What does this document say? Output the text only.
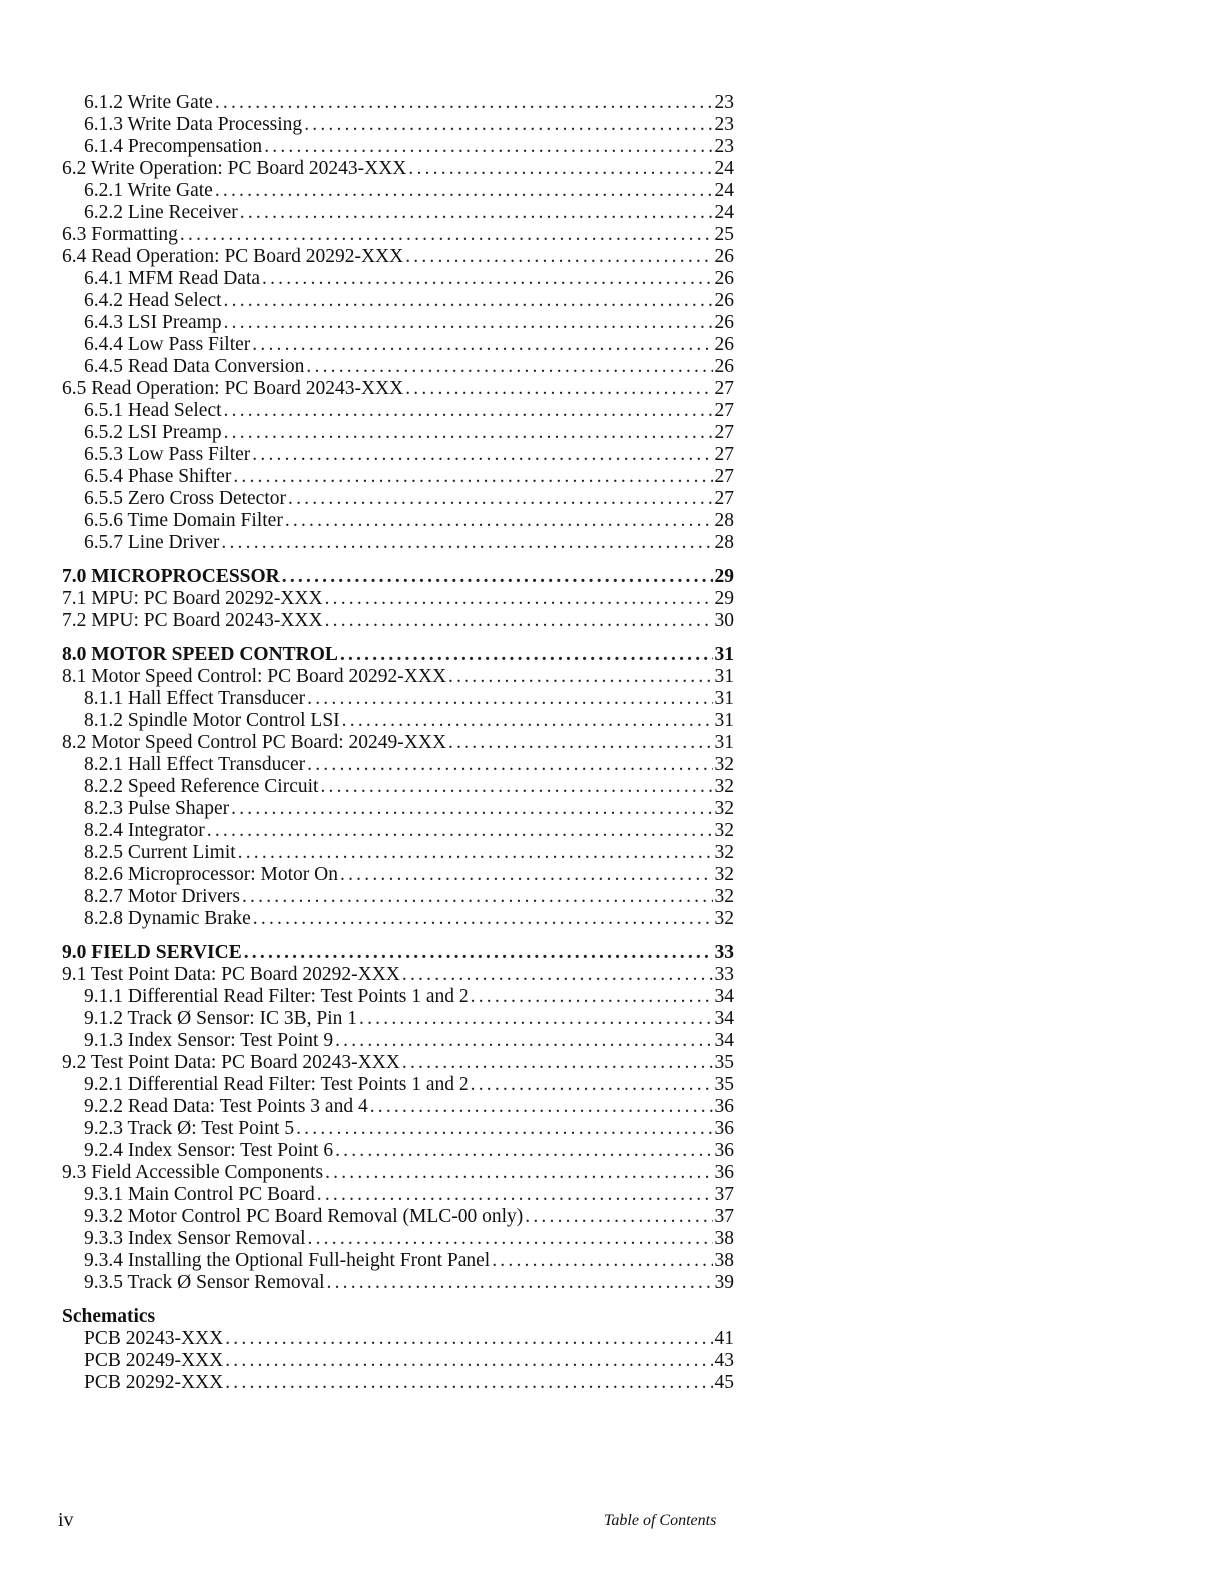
6.1.2 Write Gate .....	23
6.1.3 Write Data Processing .....	23
6.1.4 Precompensation .....	23
6.2 Write Operation: PC Board 20243-XXX .....	24
6.2.1 Write Gate .....	24
6.2.2 Line Receiver .....	24
6.3 Formatting .....	25
6.4 Read Operation: PC Board 20292-XXX .....	26
6.4.1 MFM Read Data .....	26
6.4.2 Head Select .....	26
6.4.3 LSI Preamp .....	26
6.4.4 Low Pass Filter .....	26
6.4.5 Read Data Conversion .....	26
6.5 Read Operation: PC Board 20243-XXX .....	27
6.5.1 Head Select .....	27
6.5.2 LSI Preamp .....	27
6.5.3 Low Pass Filter .....	27
6.5.4 Phase Shifter .....	27
6.5.5 Zero Cross Detector .....	27
6.5.6 Time Domain Filter .....	28
6.5.7 Line Driver .....	28
7.0 MICROPROCESSOR .....	29
7.1 MPU: PC Board 20292-XXX .....	29
7.2 MPU: PC Board 20243-XXX .....	30
8.0 MOTOR SPEED CONTROL .....	31
8.1 Motor Speed Control: PC Board 20292-XXX .....	31
8.1.1 Hall Effect Transducer .....	31
8.1.2 Spindle Motor Control LSI .....	31
8.2 Motor Speed Control PC Board: 20249-XXX .....	31
8.2.1 Hall Effect Transducer .....	32
8.2.2 Speed Reference Circuit .....	32
8.2.3 Pulse Shaper .....	32
8.2.4 Integrator .....	32
8.2.5 Current Limit .....	32
8.2.6 Microprocessor: Motor On .....	32
8.2.7 Motor Drivers .....	32
8.2.8 Dynamic Brake .....	32
9.0 FIELD SERVICE .....	33
9.1 Test Point Data: PC Board 20292-XXX .....	33
9.1.1 Differential Read Filter: Test Points 1 and 2 .....	34
9.1.2 Track Ø Sensor: IC 3B, Pin 1 .....	34
9.1.3 Index Sensor: Test Point 9 .....	34
9.2 Test Point Data: PC Board 20243-XXX .....	35
9.2.1 Differential Read Filter: Test Points 1 and 2 .....	35
9.2.2 Read Data: Test Points 3 and 4 .....	36
9.2.3 Track Ø: Test Point 5 .....	36
9.2.4 Index Sensor: Test Point 6 .....	36
9.3 Field Accessible Components .....	36
9.3.1 Main Control PC Board .....	37
9.3.2 Motor Control PC Board Removal (MLC-00 only) .....	37
9.3.3 Index Sensor Removal .....	38
9.3.4 Installing the Optional Full-height Front Panel .....	38
9.3.5 Track Ø Sensor Removal .....	39
Schematics
PCB 20243-XXX .....	41
PCB 20249-XXX .....	43
PCB 20292-XXX .....	45
iv	Table of Contents
